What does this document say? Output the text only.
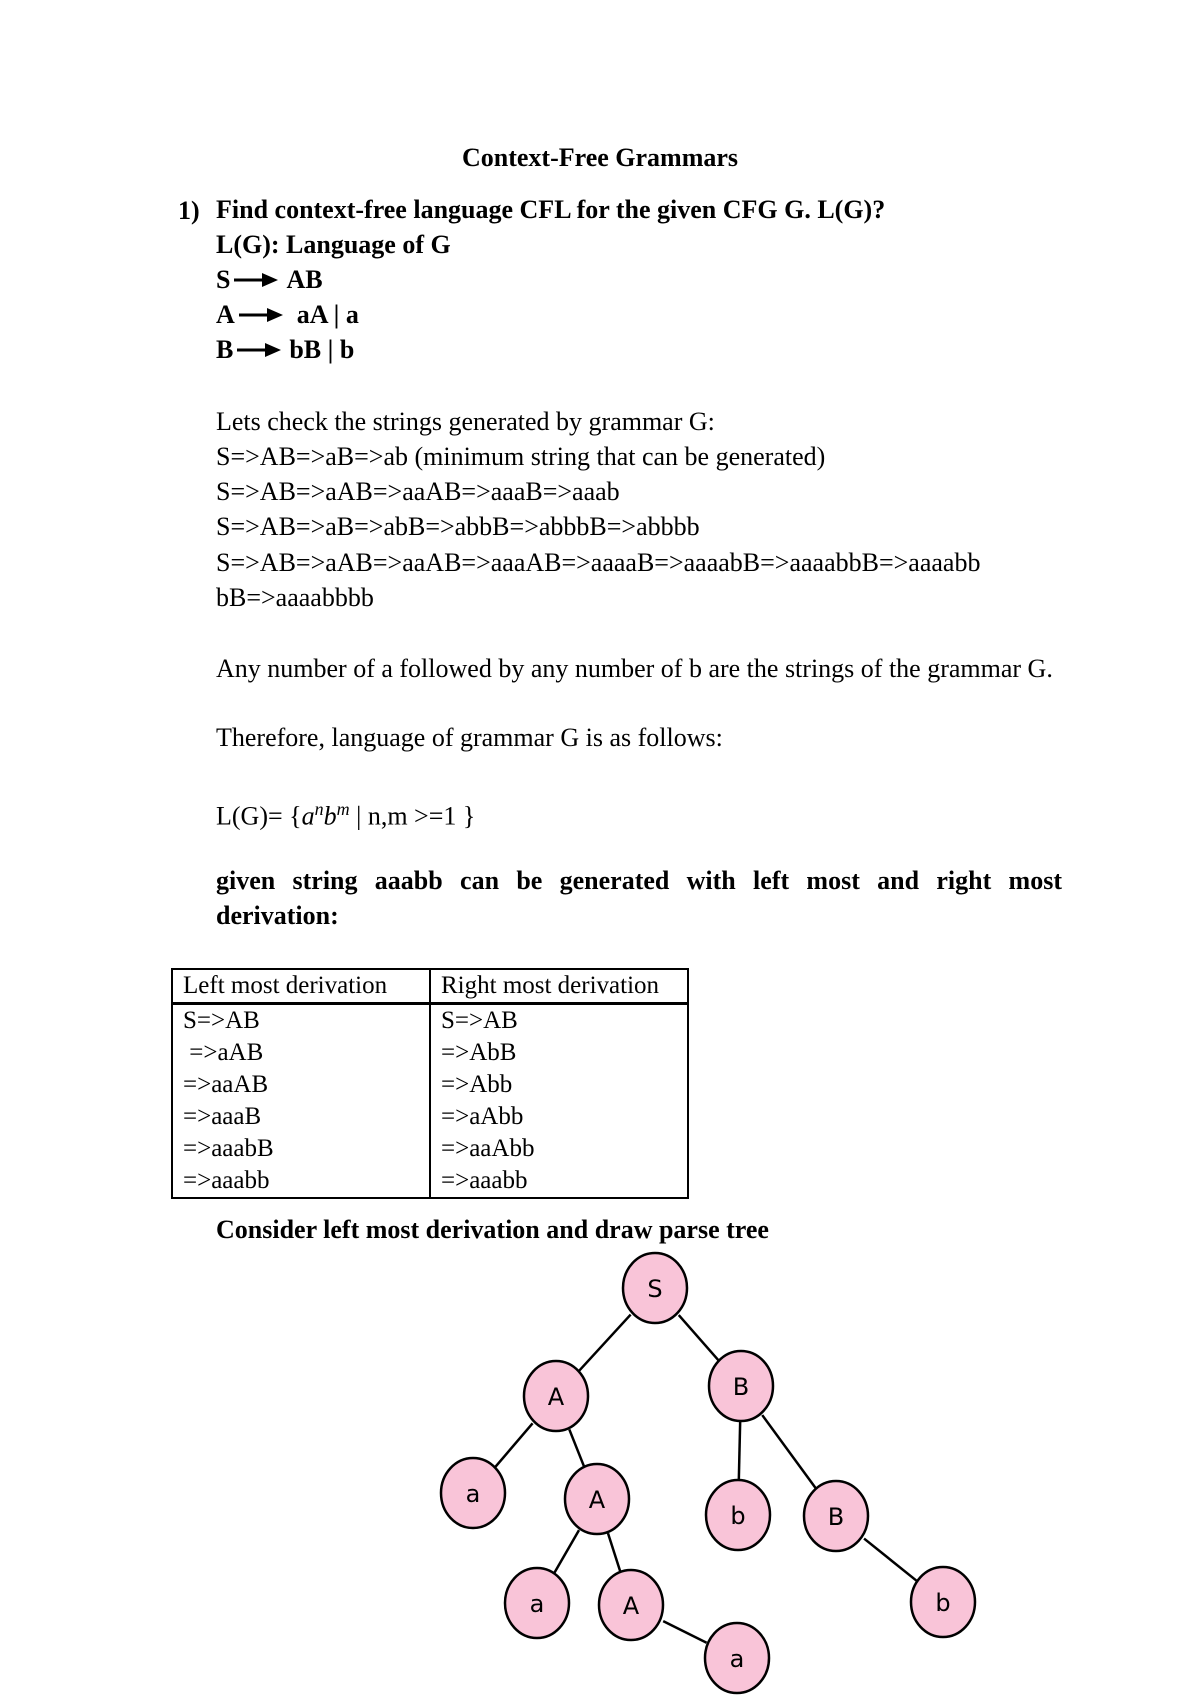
Context-Free Grammars
1) Find context-free language CFL for the given CFG G. L(G)?
L(G): Language of G
S AB
A aA | a
B bB | b
Lets check the strings generated by grammar G:
S=>AB=>aB=>ab (minimum string that can be generated)
S=>AB=>aAB=>aaAB=>aaaB=>aaab
S=>AB=>aB=>abB=>abbB=>abbbB=>abbbb
S=>AB=>aAB=>aaAB=>aaaAB=>aaaaB=>aaaabB=>aaaabbB=>aaaabb
bB=>aaaabbbb
Any number of a followed by any number of b are the strings of the grammar G.
Therefore, language of grammar G is as follows:
$L(G)= \{a^nb^m$ | n,m >=1 }
given string aaabb can be generated with left most and right most derivation:
Left most derivation	Right most derivation
S=>AB	S=>AB
=>aAB	=>AbB
=>aaAB	=>Abb
=>aaaB	=>aAbb
=>aaabB	=>aaAbb
=>aaabb	=>aaabb
Consider left most derivation and draw parse tree
S
A	B
a	A
b	B
a	A	b
a
